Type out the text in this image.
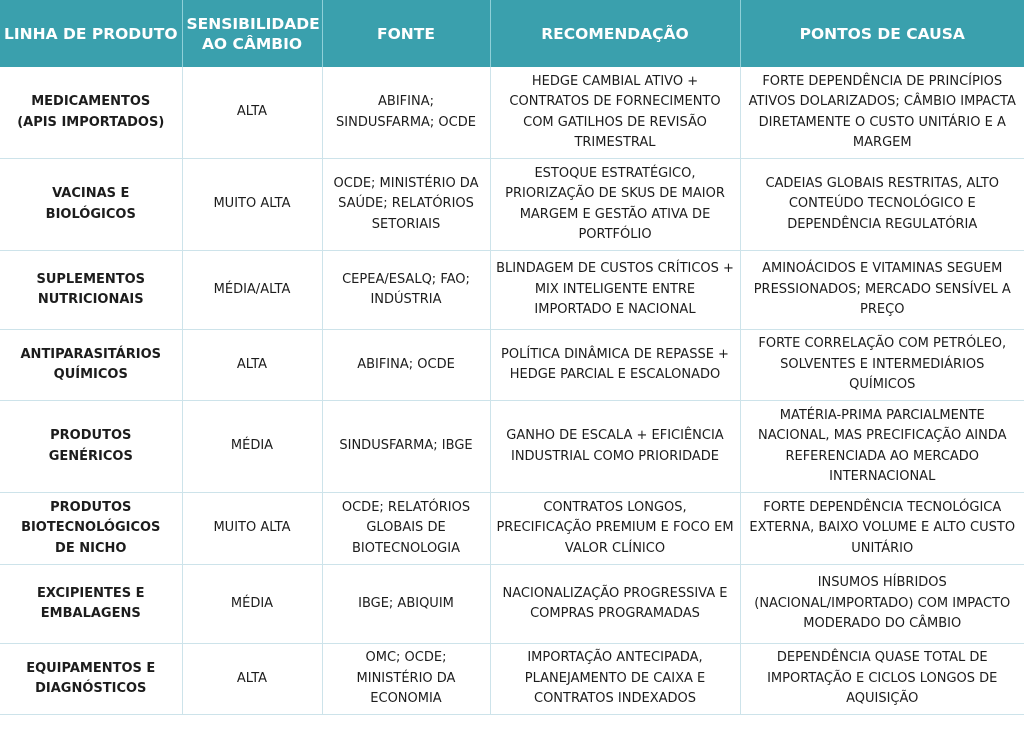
LINHA DE PRODUTO	SENSIBILIDADE AO CÂMBIO	FONTE	RECOMENDAÇÃO	PONTOS DE CAUSA
MEDICAMENTOS (APIS IMPORTADOS)	ALTA	ABIFINA; SINDUSFARMA; OCDE	HEDGE CAMBIAL ATIVO + CONTRATOS DE FORNECIMENTO COM GATILHOS DE REVISÃO TRIMESTRAL	FORTE DEPENDÊNCIA DE PRINCÍPIOS ATIVOS DOLARIZADOS; CÂMBIO IMPACTA DIRETAMENTE O CUSTO UNITÁRIO E A MARGEM
VACINAS E BIOLÓGICOS	MUITO ALTA	OCDE; MINISTÉRIO DA SAÚDE; RELATÓRIOS SETORIAIS	ESTOQUE ESTRATÉGICO, PRIORIZAÇÃO DE SKUS DE MAIOR MARGEM E GESTÃO ATIVA DE PORTFÓLIO	CADEIAS GLOBAIS RESTRITAS, ALTO CONTEÚDO TECNOLÓGICO E DEPENDÊNCIA REGULATÓRIA
SUPLEMENTOS NUTRICIONAIS	MÉDIA/ALTA	CEPEA/ESALQ; FAO; INDÚSTRIA	BLINDAGEM DE CUSTOS CRÍTICOS + MIX INTELIGENTE ENTRE IMPORTADO E NACIONAL	AMINOÁCIDOS E VITAMINAS SEGUEM PRESSIONADOS; MERCADO SENSÍVEL A PREÇO
ANTIPARASITÁRIOS QUÍMICOS	ALTA	ABIFINA; OCDE	POLÍTICA DINÂMICA DE REPASSE + HEDGE PARCIAL E ESCALONADO	FORTE CORRELAÇÃO COM PETRÓLEO, SOLVENTES E INTERMEDIÁRIOS QUÍMICOS
PRODUTOS GENÉRICOS	MÉDIA	SINDUSFARMA; IBGE	GANHO DE ESCALA + EFICIÊNCIA INDUSTRIAL COMO PRIORIDADE	MATÉRIA-PRIMA PARCIALMENTE NACIONAL, MAS PRECIFICAÇÃO AINDA REFERENCIADA AO MERCADO INTERNACIONAL
PRODUTOS BIOTECNOLÓGICOS DE NICHO	MUITO ALTA	OCDE; RELATÓRIOS GLOBAIS DE BIOTECNOLOGIA	CONTRATOS LONGOS, PRECIFICAÇÃO PREMIUM E FOCO EM VALOR CLÍNICO	FORTE DEPENDÊNCIA TECNOLÓGICA EXTERNA, BAIXO VOLUME E ALTO CUSTO UNITÁRIO
EXCIPIENTES E EMBALAGENS	MÉDIA	IBGE; ABIQUIM	NACIONALIZAÇÃO PROGRESSIVA E COMPRAS PROGRAMADAS	INSUMOS HÍBRIDOS (NACIONAL/IMPORTADO) COM IMPACTO MODERADO DO CÂMBIO
EQUIPAMENTOS E DIAGNÓSTICOS	ALTA	OMC; OCDE; MINISTÉRIO DA ECONOMIA	IMPORTAÇÃO ANTECIPADA, PLANEJAMENTO DE CAIXA E CONTRATOS INDEXADOS	DEPENDÊNCIA QUASE TOTAL DE IMPORTAÇÃO E CICLOS LONGOS DE AQUISIÇÃO
